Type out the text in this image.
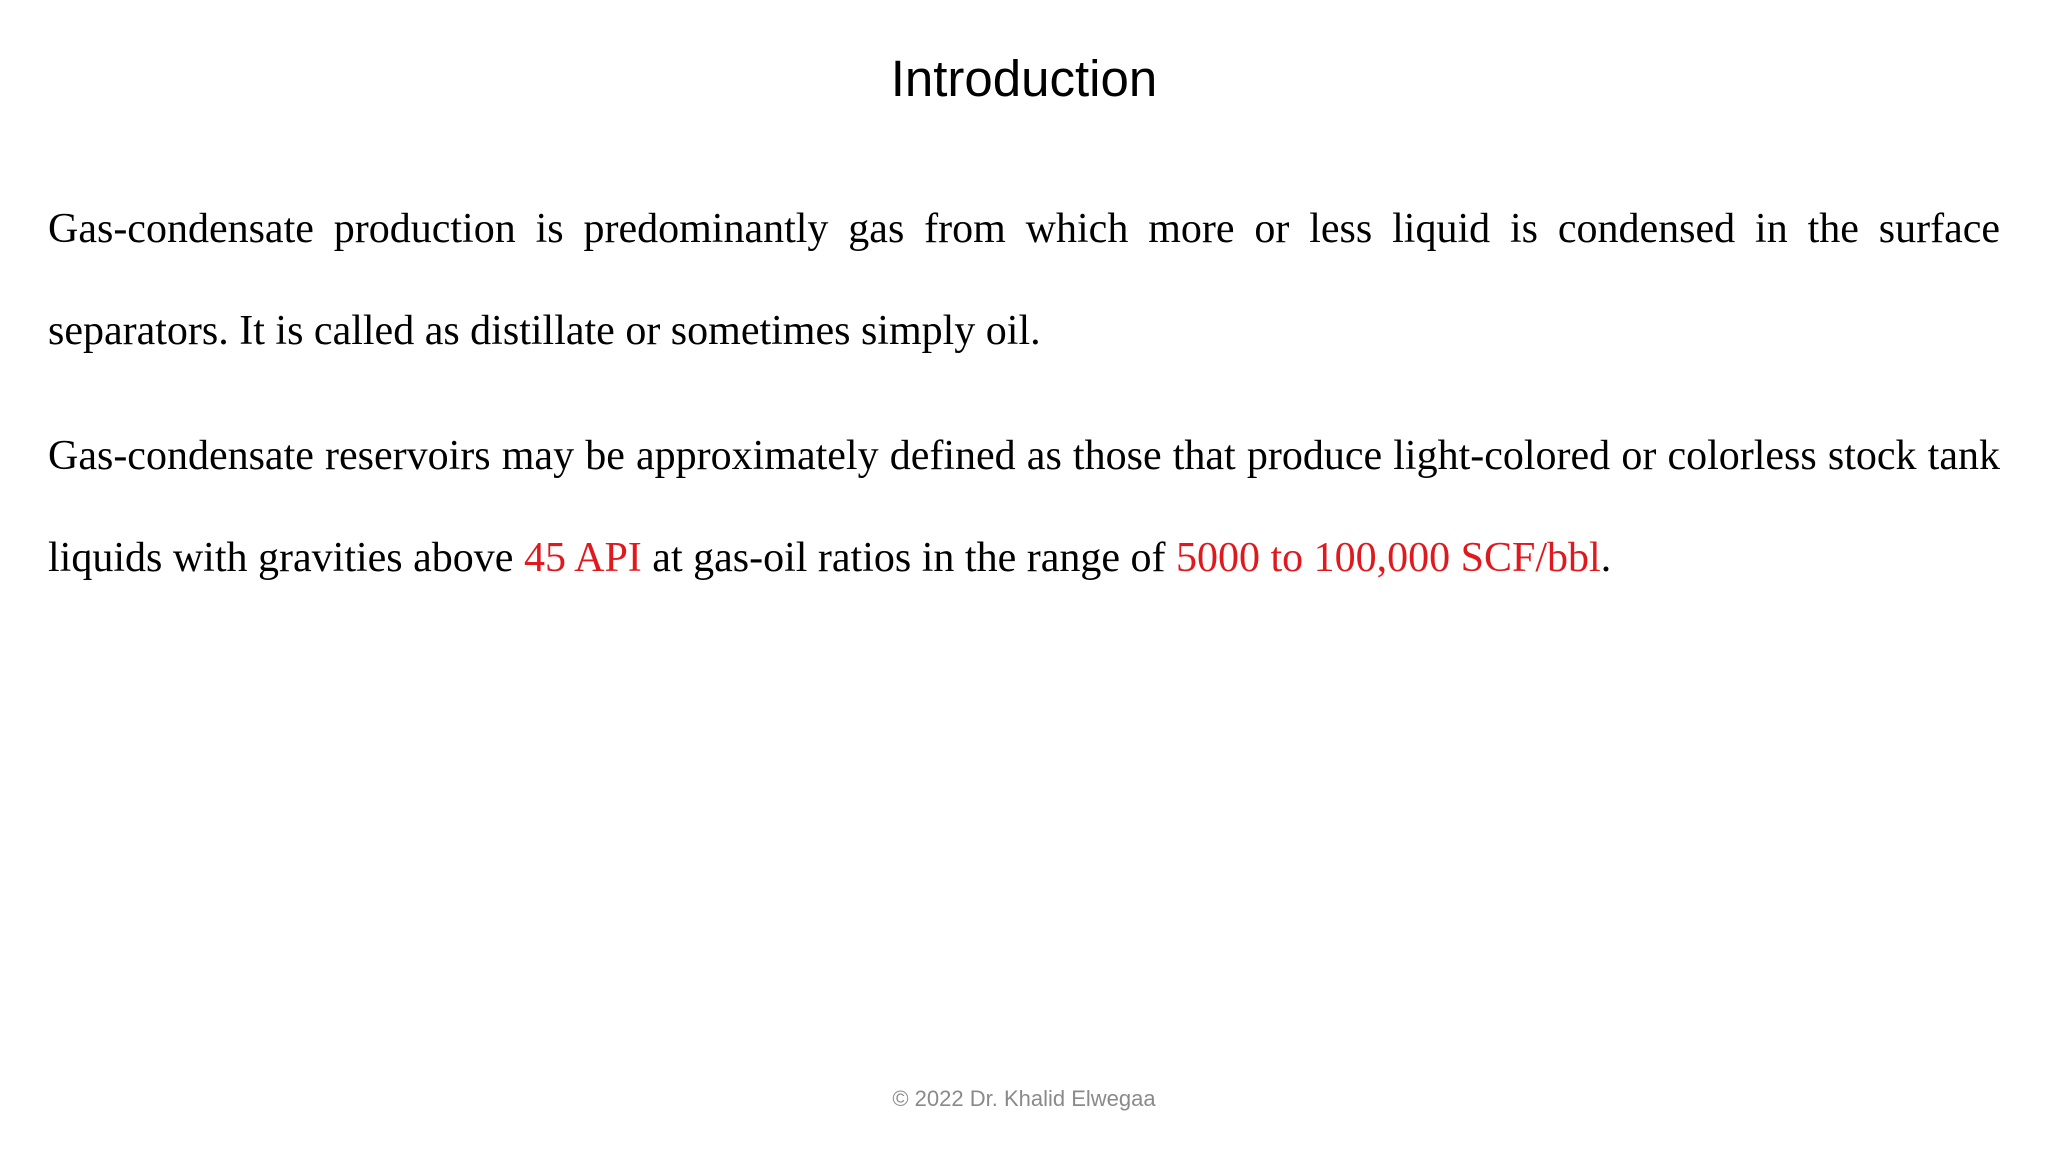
Introduction

Gas-condensate production is predominantly gas from which more or less liquid is condensed in the surface separators. It is called as distillate or sometimes simply oil.

Gas-condensate reservoirs may be approximately defined as those that produce light-colored or colorless stock tank liquids with gravities above 45 API at gas-oil ratios in the range of 5000 to 100,000 SCF/bbl.

© 2022 Dr. Khalid Elwegaa
